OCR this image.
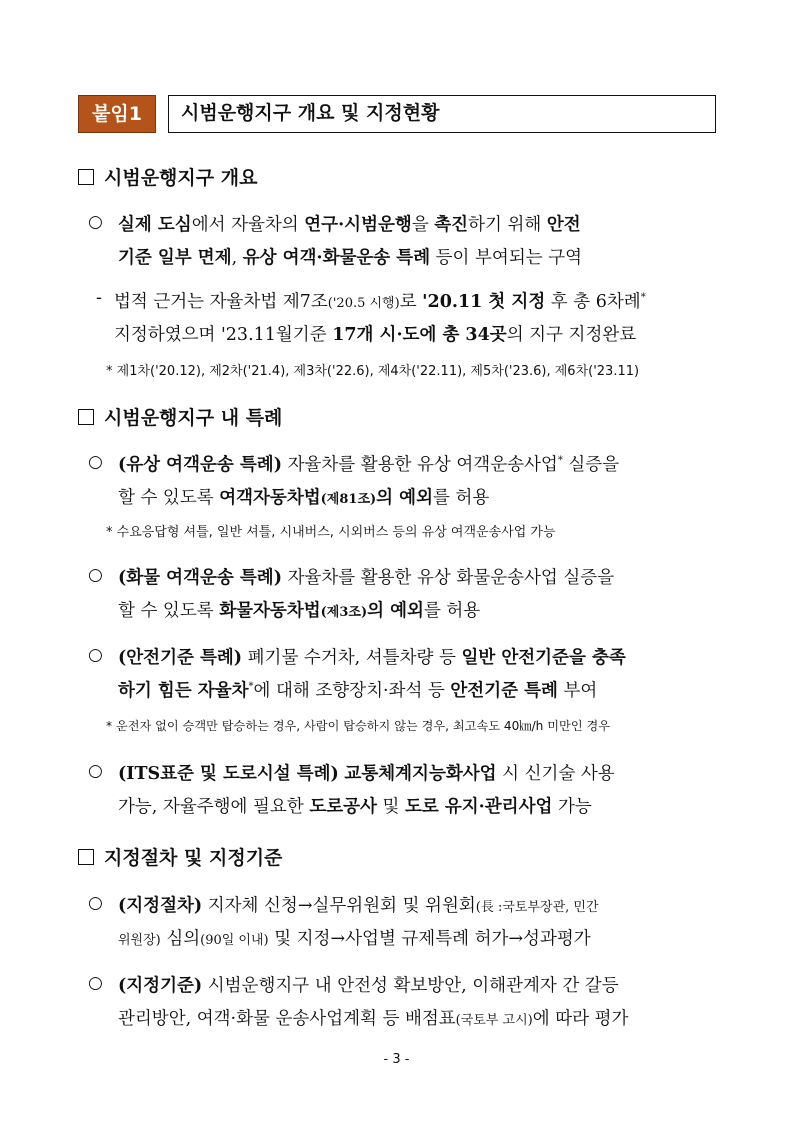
붙임1	시범운행지구 개요 및 지정현황
시범운행지구 개요
○ 실제 도심에서 자율차의 연구·시범운행을 촉진하기 위해 안전
기준 일부 면제, 유상 여객·화물운송 특례 등이 부여되는 구역
- 법적 근거는 자율차법 제7조('20.5 시행)로 '20.11 첫 지정 후 총 6차례*
지정하였으며 '23.11월기준 17개 시·도에 총 34곳의 지구 지정완료
* 제1차('20.12), 제2차('21.4), 제3차('22.6), 제4차('22.11), 제5차('23.6), 제6차('23.11)
시범운행지구 내 특례
○ (유상 여객운송 특례) 자율차를 활용한 유상 여객운송사업* 실증을
할 수 있도록 여객자동차법(제81조)의 예외를 허용
* 수요응답형 셔틀, 일반 셔틀, 시내버스, 시외버스 등의 유상 여객운송사업 가능
○ (화물 여객운송 특례) 자율차를 활용한 유상 화물운송사업 실증을
할 수 있도록 화물자동차법(제3조)의 예외를 허용
○ (안전기준 특례) 폐기물 수거차, 셔틀차량 등 일반 안전기준을 충족
하기 힘든 자율차*에 대해 조향장치·좌석 등 안전기준 특례 부여
* 운전자 없이 승객만 탑승하는 경우, 사람이 탑승하지 않는 경우, 최고속도 40㎞/h 미만인 경우
○ (ITS표준 및 도로시설 특례) 교통체계지능화사업 시 신기술 사용
가능, 자율주행에 필요한 도로공사 및 도로 유지·관리사업 가능
지정절차 및 지정기준
○ (지정절차) 지자체 신청→실무위원회 및 위원회(長 :국토부장관, 민간
위원장) 심의(90일 이내) 및 지정→사업별 규제특례 허가→성과평가
○ (지정기준) 시범운행지구 내 안전성 확보방안, 이해관계자 간 갈등
관리방안, 여객·화물 운송사업계획 등 배점표(국토부 고시)에 따라 평가
- 3 -
